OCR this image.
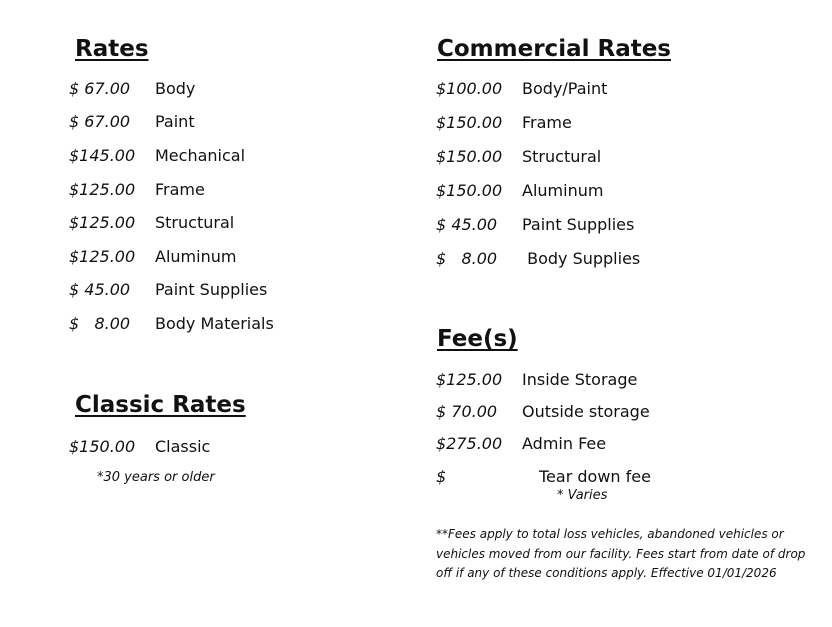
Rates
$ 67.00 Body
$ 67.00 Paint
$145.00 Mechanical
$125.00 Frame
$125.00 Structural
$125.00 Aluminum
$ 45.00 Paint Supplies
$   8.00 Body Materials
Classic Rates
$150.00 Classic
*30 years or older
Commercial Rates
$100.00 Body/Paint
$150.00 Frame
$150.00 Structural
$150.00 Aluminum
$ 45.00 Paint Supplies
$   8.00 Body Supplies
Fee(s)
$125.00 Inside Storage
$ 70.00 Outside storage
$275.00 Admin Fee
$	Tear down fee
* Varies

**Fees apply to total loss vehicles, abandoned vehicles or vehicles moved from our facility. Fees start from date of drop off if any of these conditions apply. Effective 01/01/2026
